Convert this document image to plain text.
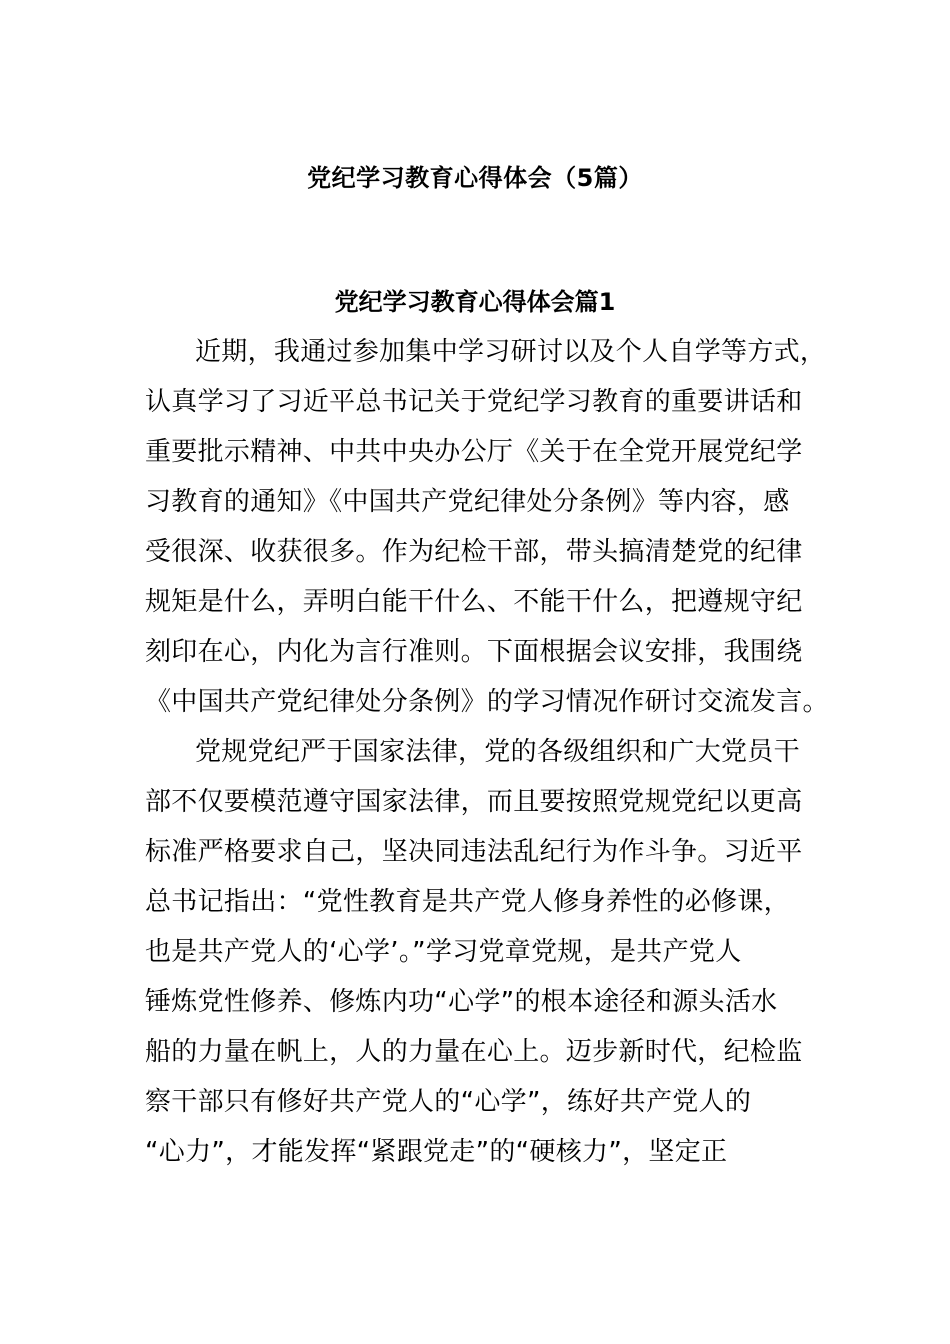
党纪学习教育心得体会（5篇）
党纪学习教育心得体会篇1
近期，我通过参加集中学习研讨以及个人自学等方式，
认真学习了习近平总书记关于党纪学习教育的重要讲话和
重要批示精神、中共中央办公厅《关于在全党开展党纪学
习教育的通知》《中国共产党纪律处分条例》等内容，感
受很深、收获很多。作为纪检干部，带头搞清楚党的纪律
规矩是什么，弄明白能干什么、不能干什么，把遵规守纪
刻印在心，内化为言行准则。下面根据会议安排，我围绕
《中国共产党纪律处分条例》的学习情况作研讨交流发言。
党规党纪严于国家法律，党的各级组织和广大党员干
部不仅要模范遵守国家法律，而且要按照党规党纪以更高
标准严格要求自己，坚决同违法乱纪行为作斗争。习近平
总书记指出：“党性教育是共产党人修身养性的必修课，
也是共产党人的‘心学’。”学习党章党规，是共产党人
锤炼党性修养、修炼内功“心学”的根本途径和源头活水
船的力量在帆上，人的力量在心上。迈步新时代，纪检监
察干部只有修好共产党人的“心学”，练好共产党人的
“心力”，才能发挥“紧跟党走”的“硬核力”，坚定正
